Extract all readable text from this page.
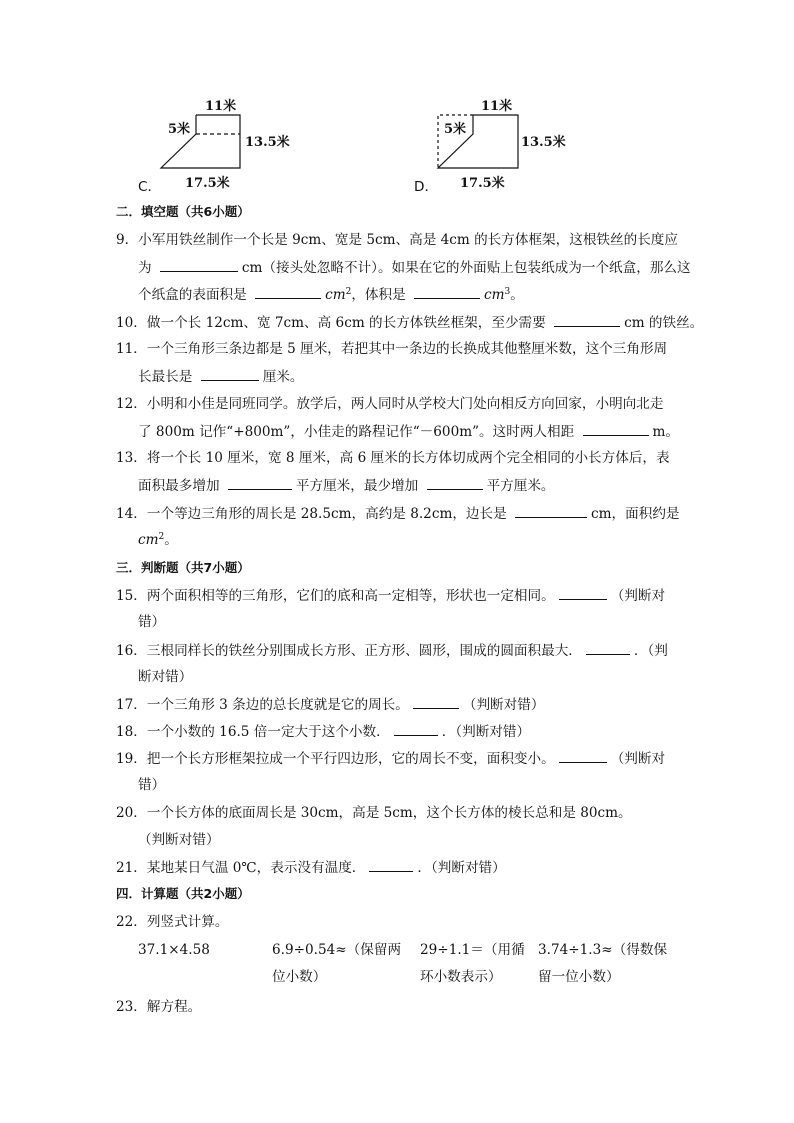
11米
5米
13.5米
17.5米
C．
11米
5米
13.5米
17.5米
D．
二．填空题（共6小题）
9．小军用铁丝制作一个长是 9cm、宽是 5cm、高是 4cm 的长方体框架，这根铁丝的长度应
为	cm（接头处忽略不计）。如果在它的外面贴上包装纸成为一个纸盒，那么这
个纸盒的表面积是	$cm^2$，体积是	$cm^3$。
10．做一个长 12cm、宽 7cm、高 6cm 的长方体铁丝框架，至少需要	cm 的铁丝。
11．一个三角形三条边都是 5 厘米，若把其中一条边的长换成其他整厘米数，这个三角形周
长最长是	厘米。
12．小明和小佳是同班同学。放学后，两人同时从学校大门处向相反方向回家，小明向北走
了 800m 记作“+800m”，小佳走的路程记作“－600m”。这时两人相距	m。
13．将一个长 10 厘米，宽 8 厘米，高 6 厘米的长方体切成两个完全相同的小长方体后，表
面积最多增加	平方厘米，最少增加	平方厘米。
14．一个等边三角形的周长是 28.5cm，高约是 8.2cm，边长是	cm，面积约是
$cm^2$。
三．判断题（共7小题）
15．两个面积相等的三角形，它们的底和高一定相等，形状也一定相同。	（判断对
错）
16．三根同样长的铁丝分别围成长方形、正方形、圆形，围成的圆面积最大．	．（判
断对错）
17．一个三角形 3 条边的总长度就是它的周长。	（判断对错）
18．一个小数的 16.5 倍一定大于这个小数．	．（判断对错）
19．把一个长方形框架拉成一个平行四边形，它的周长不变，面积变小。	（判断对
错）
20．一个长方体的底面周长是 30cm，高是 5cm，这个长方体的棱长总和是 80cm。
（判断对错）
21．某地某日气温 0℃，表示没有温度．	．（判断对错）
四．计算题（共2小题）
22．列竖式计算。
37.1×4.58	6.9÷0.54≈（保留两
位小数）
29÷1.1＝（用循
环小数表示）
3.74÷1.3≈（得数保
留一位小数）
23．解方程。
